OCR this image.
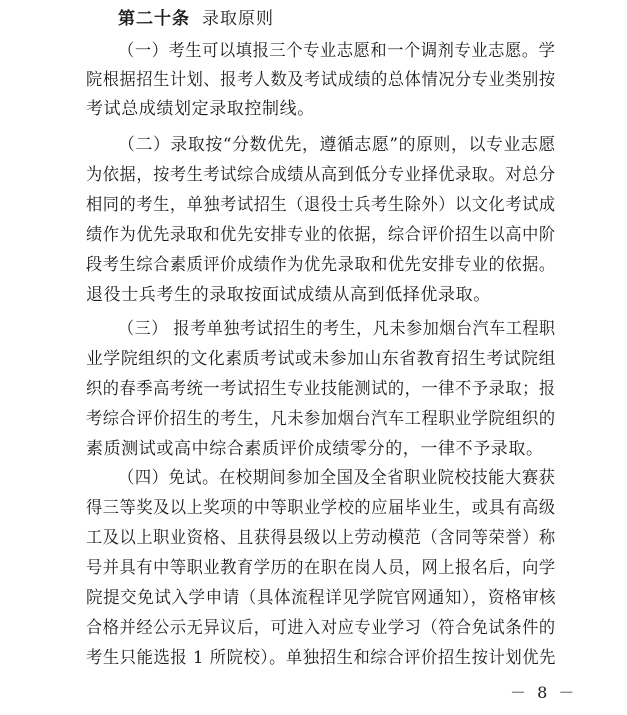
第二十条 录取原则
（一）考生可以填报三个专业志愿和一个调剂专业志愿。学
院根据招生计划、报考人数及考试成绩的总体情况分专业类别按
考试总成绩划定录取控制线。
（二）录取按“分数优先，遵循志愿”的原则，以专业志愿
为依据，按考生考试综合成绩从高到低分专业择优录取。对总分
相同的考生，单独考试招生（退役士兵考生除外）以文化考试成
绩作为优先录取和优先安排专业的依据，综合评价招生以高中阶
段考生综合素质评价成绩作为优先录取和优先安排专业的依据。
退役士兵考生的录取按面试成绩从高到低择优录取。
（三） 报考单独考试招生的考生，凡未参加烟台汽车工程职
业学院组织的文化素质考试或未参加山东省教育招生考试院组
织的春季高考统一考试招生专业技能测试的，一律不予录取；报
考综合评价招生的考生，凡未参加烟台汽车工程职业学院组织的
素质测试或高中综合素质评价成绩零分的，一律不予录取。
（四）免试。在校期间参加全国及全省职业院校技能大赛获
得三等奖及以上奖项的中等职业学校的应届毕业生，或具有高级
工及以上职业资格、且获得县级以上劳动模范（含同等荣誉）称
号并具有中等职业教育学历的在职在岗人员，网上报名后，向学
院提交免试入学申请（具体流程详见学院官网通知），资格审核
合格并经公示无异议后，可进入对应专业学习（符合免试条件的
考生只能选报 1 所院校）。单独招生和综合评价招生按计划优先
－ 8 －
